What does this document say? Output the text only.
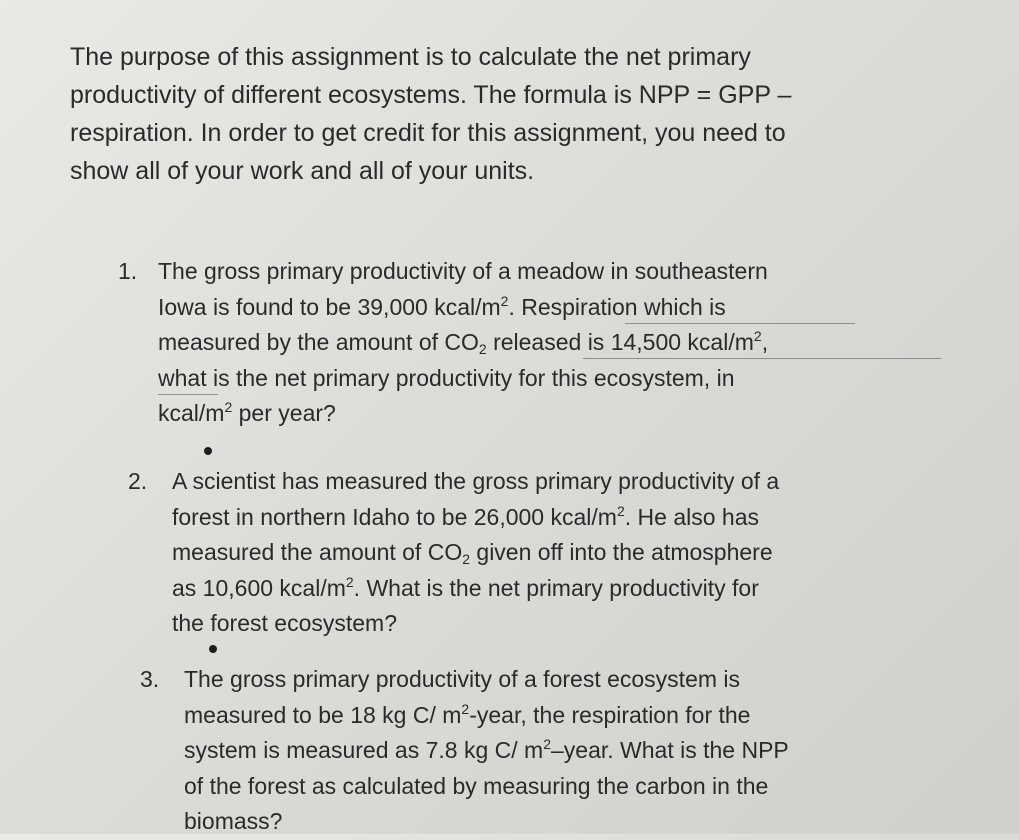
The purpose of this assignment is to calculate the net primary
productivity of different ecosystems. The formula is NPP = GPP –
respiration. In order to get credit for this assignment, you need to
show all of your work and all of your units.
1. The gross primary productivity of a meadow in southeastern
Iowa is found to be 39,000 kcal/$m^2$. Respiration which is
measured by the amount of $CO_2$ released is 14,500 kcal/$m^2$,
what is the net primary productivity for this ecosystem, in
kcal/$m^2$ per year?
2. A scientist has measured the gross primary productivity of a
forest in northern Idaho to be 26,000 kcal/$m^2$. He also has
measured the amount of $CO_2$ given off into the atmosphere
as 10,600 kcal/$m^2$. What is the net primary productivity for
the forest ecosystem?
3. The gross primary productivity of a forest ecosystem is
measured to be 18 kg C/ $m^2$-year, the respiration for the
system is measured as 7.8 kg C/ $m^2$–year. What is the NPP
of the forest as calculated by measuring the carbon in the
biomass?
